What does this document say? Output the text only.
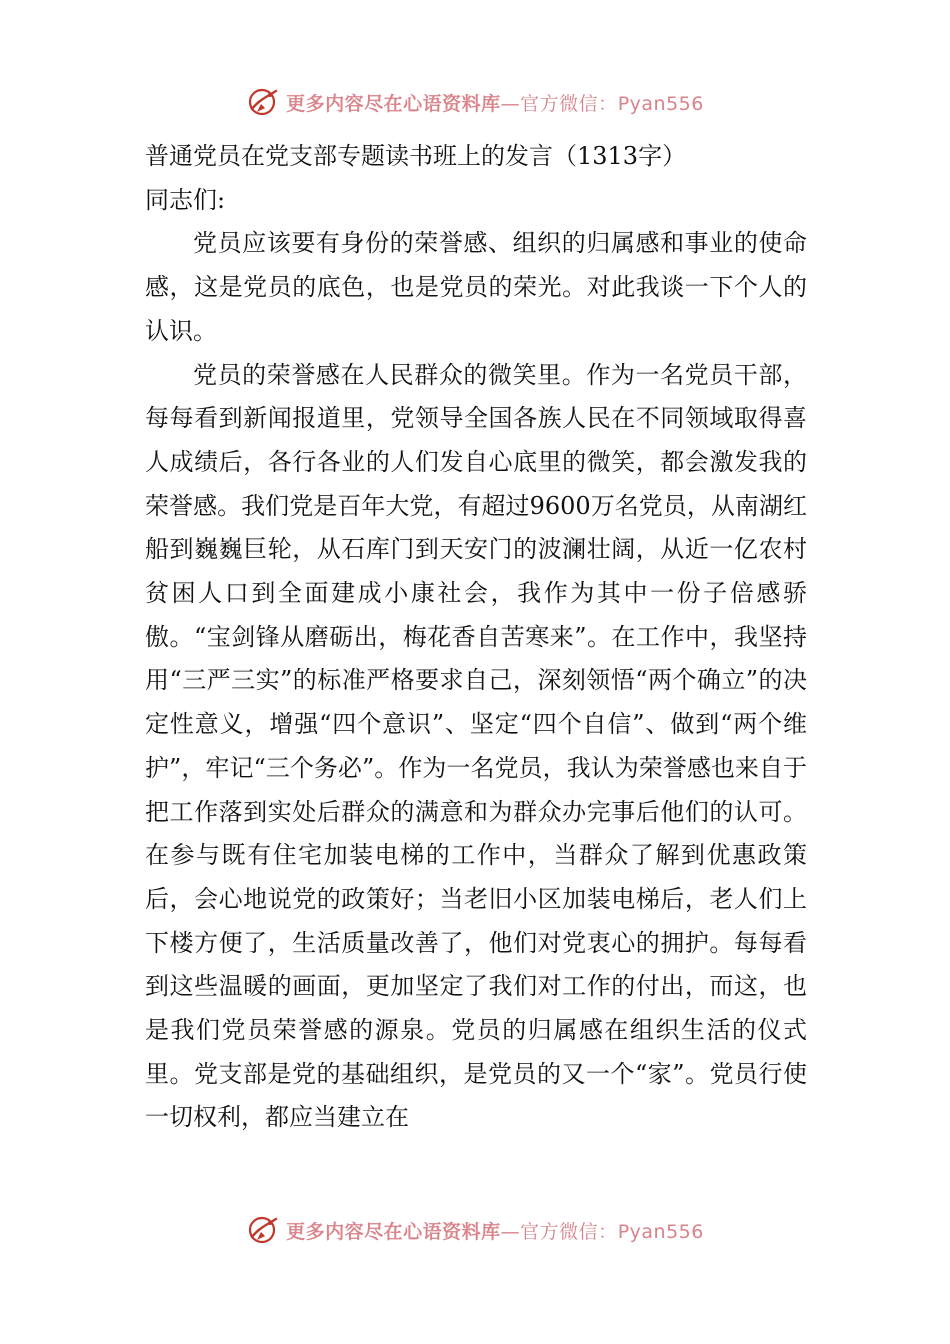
更多内容尽在心语资料库—官方微信：Pyan556

普通党员在党支部专题读书班上的发言（1313字）

同志们:

党员应该要有身份的荣誉感、组织的归属感和事业的使命感，这是党员的底色，也是党员的荣光。对此我谈一下个人的认识。

党员的荣誉感在人民群众的微笑里。作为一名党员干部，每每看到新闻报道里，党领导全国各族人民在不同领域取得喜人成绩后，各行各业的人们发自心底里的微笑，都会激发我的荣誉感。我们党是百年大党，有超过9600万名党员，从南湖红船到巍巍巨轮，从石库门到天安门的波澜壮阔，从近一亿农村贫困人口到全面建成小康社会，我作为其中一份子倍感骄傲。“宝剑锋从磨砺出，梅花香自苦寒来”。在工作中，我坚持用“三严三实”的标准严格要求自己，深刻领悟“两个确立”的决定性意义，增强“四个意识”、坚定“四个自信”、做到“两个维护”，牢记“三个务必”。作为一名党员，我认为荣誉感也来自于把工作落到实处后群众的满意和为群众办完事后他们的认可。在参与既有住宅加装电梯的工作中，当群众了解到优惠政策后，会心地说党的政策好；当老旧小区加装电梯后，老人们上下楼方便了，生活质量改善了，他们对党衷心的拥护。每每看到这些温暖的画面，更加坚定了我们对工作的付出，而这，也是我们党员荣誉感的源泉。党员的归属感在组织生活的仪式里。党支部是党的基础组织，是党员的又一个“家”。党员行使一切权利，都应当建立在

更多内容尽在心语资料库—官方微信：Pyan556
